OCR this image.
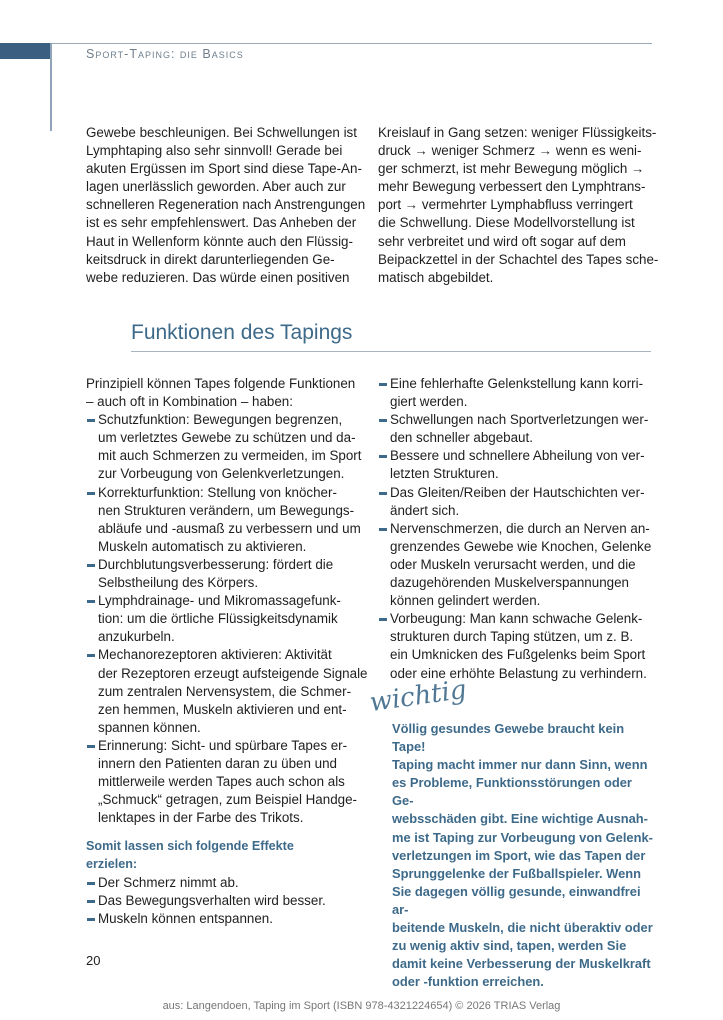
Sport-Taping: die Basics

Gewebe beschleunigen. Bei Schwellungen ist
Lymphtaping also sehr sinnvoll! Gerade bei
akuten Ergüssen im Sport sind diese Tape-An-
lagen unerlässlich geworden. Aber auch zur
schnelleren Regeneration nach Anstrengungen
ist es sehr empfehlenswert. Das Anheben der
Haut in Wellenform könnte auch den Flüssig-
keitsdruck in direkt darunterliegenden Ge-
webe reduzieren. Das würde einen positiven

Kreislauf in Gang setzen: weniger Flüssigkeits-
druck → weniger Schmerz → wenn es weni-
ger schmerzt, ist mehr Bewegung möglich →
mehr Bewegung verbessert den Lymphtrans-
port → vermehrter Lymphabfluss verringert
die Schwellung. Diese Modellvorstellung ist
sehr verbreitet und wird oft sogar auf dem
Beipackzettel in der Schachtel des Tapes sche-
matisch abgebildet.

Funktionen des Tapings

Prinzipiell können Tapes folgende Funktionen
– auch oft in Kombination – haben:

Schutzfunktion: Bewegungen begrenzen,
um verletztes Gewebe zu schützen und da-
mit auch Schmerzen zu vermeiden, im Sport
zur Vorbeugung von Gelenkverletzungen.
Korrekturfunktion: Stellung von knöcher-
nen Strukturen verändern, um Bewegungs-
abläufe und -ausmaß zu verbessern und um
Muskeln automatisch zu aktivieren.
Durchblutungsverbesserung: fördert die
Selbstheilung des Körpers.
Lymphdrainage- und Mikromassagefunk-
tion: um die örtliche Flüssigkeitsdynamik
anzukurbeln.
Mechanorezeptoren aktivieren: Aktivität
der Rezeptoren erzeugt aufsteigende Signale
zum zentralen Nervensystem, die Schmer-
zen hemmen, Muskeln aktivieren und ent-
spannen können.
Erinnerung: Sicht- und spürbare Tapes er-
innern den Patienten daran zu üben und
mittlerweile werden Tapes auch schon als
„Schmuck“ getragen, zum Beispiel Handge-
lenktapes in der Farbe des Trikots.
Somit lassen sich folgende Effekte
erzielen:
Der Schmerz nimmt ab.
Das Bewegungsverhalten wird besser.
Muskeln können entspannen.
Eine fehlerhafte Gelenkstellung kann korri-
giert werden.
Schwellungen nach Sportverletzungen wer-
den schneller abgebaut.
Bessere und schnellere Abheilung von ver-
letzten Strukturen.
Das Gleiten/Reiben der Hautschichten ver-
ändert sich.
Nervenschmerzen, die durch an Nerven an-
grenzendes Gewebe wie Knochen, Gelenke
oder Muskeln verursacht werden, und die
dazugehörenden Muskelverspannungen
können gelindert werden.
Vorbeugung: Man kann schwache Gelenk-
strukturen durch Taping stützen, um z. B.
ein Umknicken des Fußgelenks beim Sport
oder eine erhöhte Belastung zu verhindern.
wichtig
Völlig gesundes Gewebe braucht kein Tape!
Taping macht immer nur dann Sinn, wenn
es Probleme, Funktionsstörungen oder Ge-
websschäden gibt. Eine wichtige Ausnah-
me ist Taping zur Vorbeugung von Gelenk-
verletzungen im Sport, wie das Tapen der
Sprunggelenke der Fußballspieler. Wenn
Sie dagegen völlig gesunde, einwandfrei ar-
beitende Muskeln, die nicht überaktiv oder
zu wenig aktiv sind, tapen, werden Sie
damit keine Verbesserung der Muskelkraft
oder -funktion erreichen.
20
aus: Langendoen, Taping im Sport (ISBN 978-4321224654) © 2026 TRIAS Verlag
